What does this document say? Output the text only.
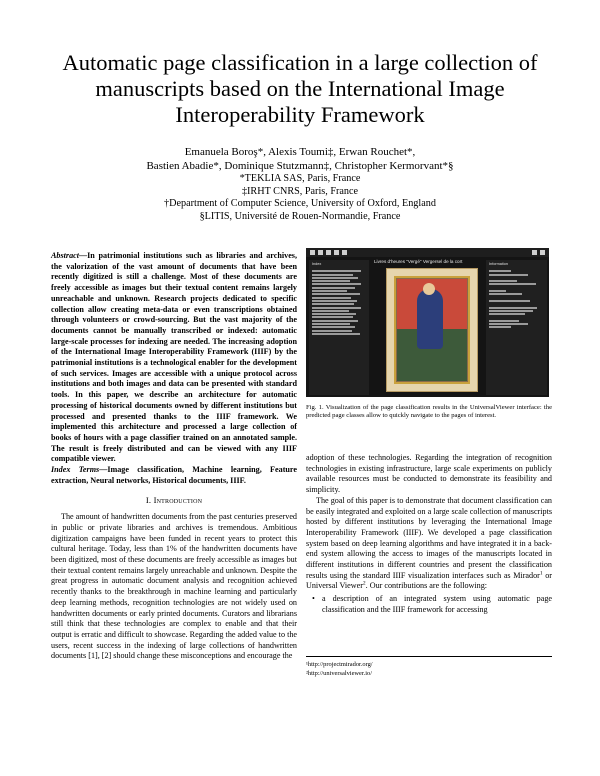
Automatic page classification in a large collection of manuscripts based on the International Image Interoperability Framework
Emanuela Boroş*, Alexis Toumi‡, Erwan Rouchet*,
Bastien Abadie*, Dominique Stutzmann‡, Christopher Kermorvant*§
*TEKLIA SAS, Paris, France
‡IRHT CNRS, Paris, France
†Department of Computer Science, University of Oxford, England
§LITIS, Université de Rouen-Normandie, France
Abstract—In patrimonial institutions such as libraries and archives, the valorization of the vast amount of documents that have been recently digitized is still a challenge. Most of these documents are freely accessible as images but their textual content remains largely unreachable and unknown. Research projects dedicated to specific collection allow creating meta-data or even transcriptions obtained through volunteers or crowd-sourcing. But the vast majority of the documents cannot be manually transcribed or indexed: automatic large-scale processes for indexing are needed. The increasing adoption of the International Image Interoperability Framework (IIIF) by the patrimonial institutions is a technological enabler for the development of such services. Images are accessible with a unique protocol across institutions and both images and data can be presented with standard tools. In this paper, we describe an architecture for automatic processing of historical documents owned by different institutions but processed and presented thanks to the IIIF framework. We implemented this architecture and processed a large collection of books of hours with a page classifier trained on an annotated sample. The result is freely distributed and can be viewed with any IIIF compatible viewer.
Index Terms—Image classification, Machine learning, Feature extraction, Neural networks, Historical documents, IIIF.
I. Introduction

The amount of handwritten documents from the past centuries preserved in public or private libraries and archives is tremendous. Ambitious digitization campaigns have been funded in recent years to protect this cultural heritage. Today, less than 1% of the handwritten documents have been digitized, most of these documents are freely accessible as images but their textual content remains largely unreachable and unknown. Despite the great progress in automatic document analysis and recognition achieved recently thanks to the breakthrough in machine learning and particularly deep learning methods, recognition technologies are not widely used on handwritten documents or early printed documents. Curators and librarians still think that these technologies are complex to enable and that their output is erratic and difficult to showcase. Regarding the added value to the users, recent success in the indexing of large collections of handwritten documents [1], [2] should change these misconceptions and encourage the

Livres d'heures "Vergé" Vergersel de la cort
Index	Information
Fig. 1. Visualization of the page classification results in the UniversalViewer interface: the predicted page classes allow to quickly navigate to the pages of interest.

adoption of these technologies. Regarding the integration of recognition technologies in existing infrastructure, large scale experiments on publicly available resources must be conducted to demonstrate its feasibility and simplicity.

The goal of this paper is to demonstrate that document classification can be easily integrated and exploited on a large scale collection of manuscripts hosted by different institutions by leveraging the International Image Interoperability Framework (IIIF). We developed a page classification system based on deep learning algorithms and have integrated it in a back-end system allowing the access to images of the manuscripts located in different institutions in different countries and present the classification results using the standard IIIF visualization interfaces such as Mirador$^1$ or Universal Viewer$^2$. Our contributions are the following:

• a description of an integrated system using automatic page classification and the IIIF framework for accessing
¹http://projectmirador.org/
²http://universalviewer.io/
